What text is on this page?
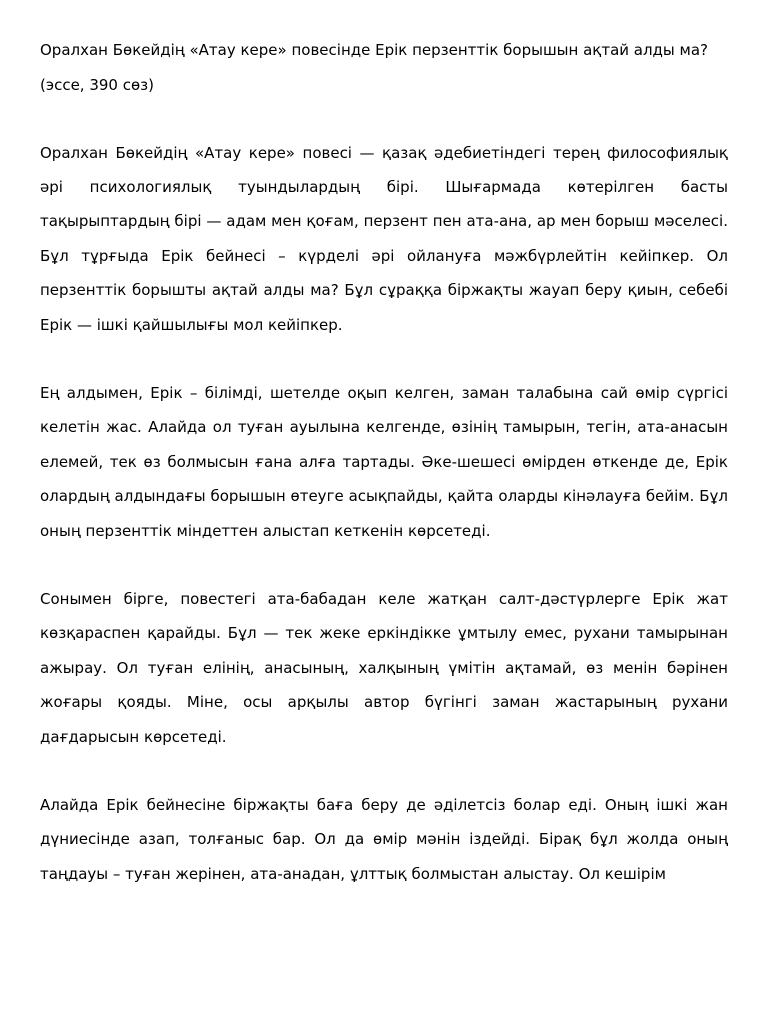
Оралхан Бөкейдің «Атау кере» повесінде Ерік перзенттік борышын ақтай алды ма?

(эссе, 390 сөз)

Оралхан Бөкейдің «Атау кере» повесі — қазақ әдебиетіндегі терең философиялық әрі психологиялық туындылардың бірі. Шығармада көтерілген басты тақырыптардың бірі — адам мен қоғам, перзент пен ата-ана, ар мен борыш мәселесі. Бұл тұрғыда Ерік бейнесі – күрделі әрі ойлануға мәжбүрлейтін кейіпкер. Ол перзенттік борышты ақтай алды ма? Бұл сұраққа біржақты жауап беру қиын, себебі Ерік — ішкі қайшылығы мол кейіпкер.

Ең алдымен, Ерік – білімді, шетелде оқып келген, заман талабына сай өмір сүргісі келетін жас. Алайда ол туған ауылына келгенде, өзінің тамырын, тегін, ата-анасын елемей, тек өз болмысын ғана алға тартады. Әке-шешесі өмірден өткенде де, Ерік олардың алдындағы борышын өтеуге асықпайды, қайта оларды кінәлауға бейім. Бұл оның перзенттік міндеттен алыстап кеткенін көрсетеді.

Сонымен бірге, повестегі ата-бабадан келе жатқан салт-дәстүрлерге Ерік жат көзқараспен қарайды. Бұл — тек жеке еркіндікке ұмтылу емес, рухани тамырынан ажырау. Ол туған елінің, анасының, халқының үмітін ақтамай, өз менін бәрінен жоғары қояды. Міне, осы арқылы автор бүгінгі заман жастарының рухани дағдарысын көрсетеді.

Алайда Ерік бейнесіне біржақты баға беру де әділетсіз болар еді. Оның ішкі жан дүниесінде азап, толғаныс бар. Ол да өмір мәнін іздейді. Бірақ бұл жолда оның таңдауы – туған жерінен, ата-анадан, ұлттық болмыстан алыстау. Ол кешірім
